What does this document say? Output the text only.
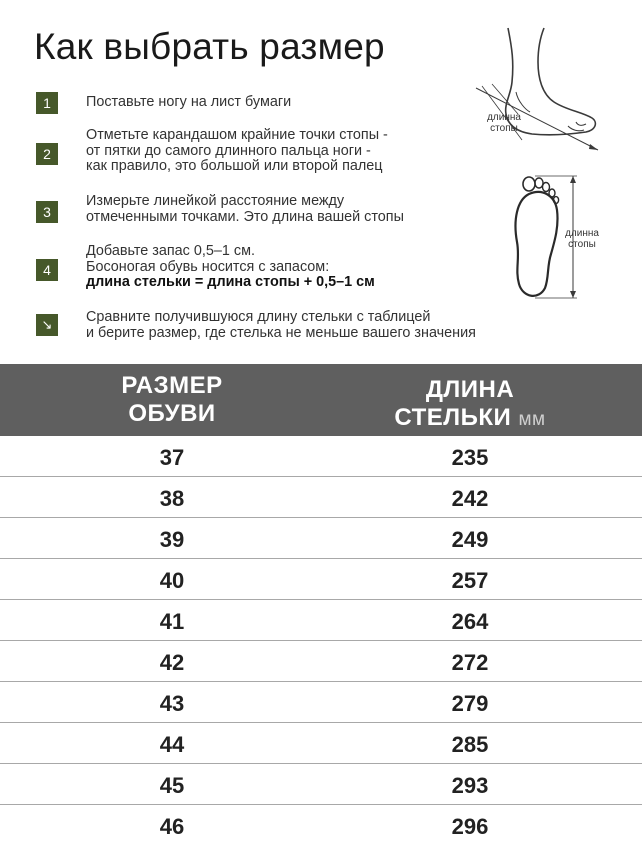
Как выбрать размер
1	Поставьте ногу на лист бумаги
2
Отметьте карандашом крайние точки стопы -
от пятки до самого длинного пальца ноги -
как правило, это большой или второй палец
3
Измерьте линейкой расстояние между
отмеченными точками. Это длина вашей стопы
4
Добавьте запас 0,5–1 см.
Босоногая обувь носится с запасом:
длина стельки = длина стопы + 0,5–1 см
↘	Сравните получившуюся длину стельки с таблицей
и берите размер, где стелька не меньше вашего значения
длинна
стопы
длинна
стопы
РАЗМЕР
ОБУВИ
ДЛИНА
СТЕЛЬКИ мм
37	235
38	242
39	249
40	257
41	264
42	272
43	279
44	285
45	293
46	296
